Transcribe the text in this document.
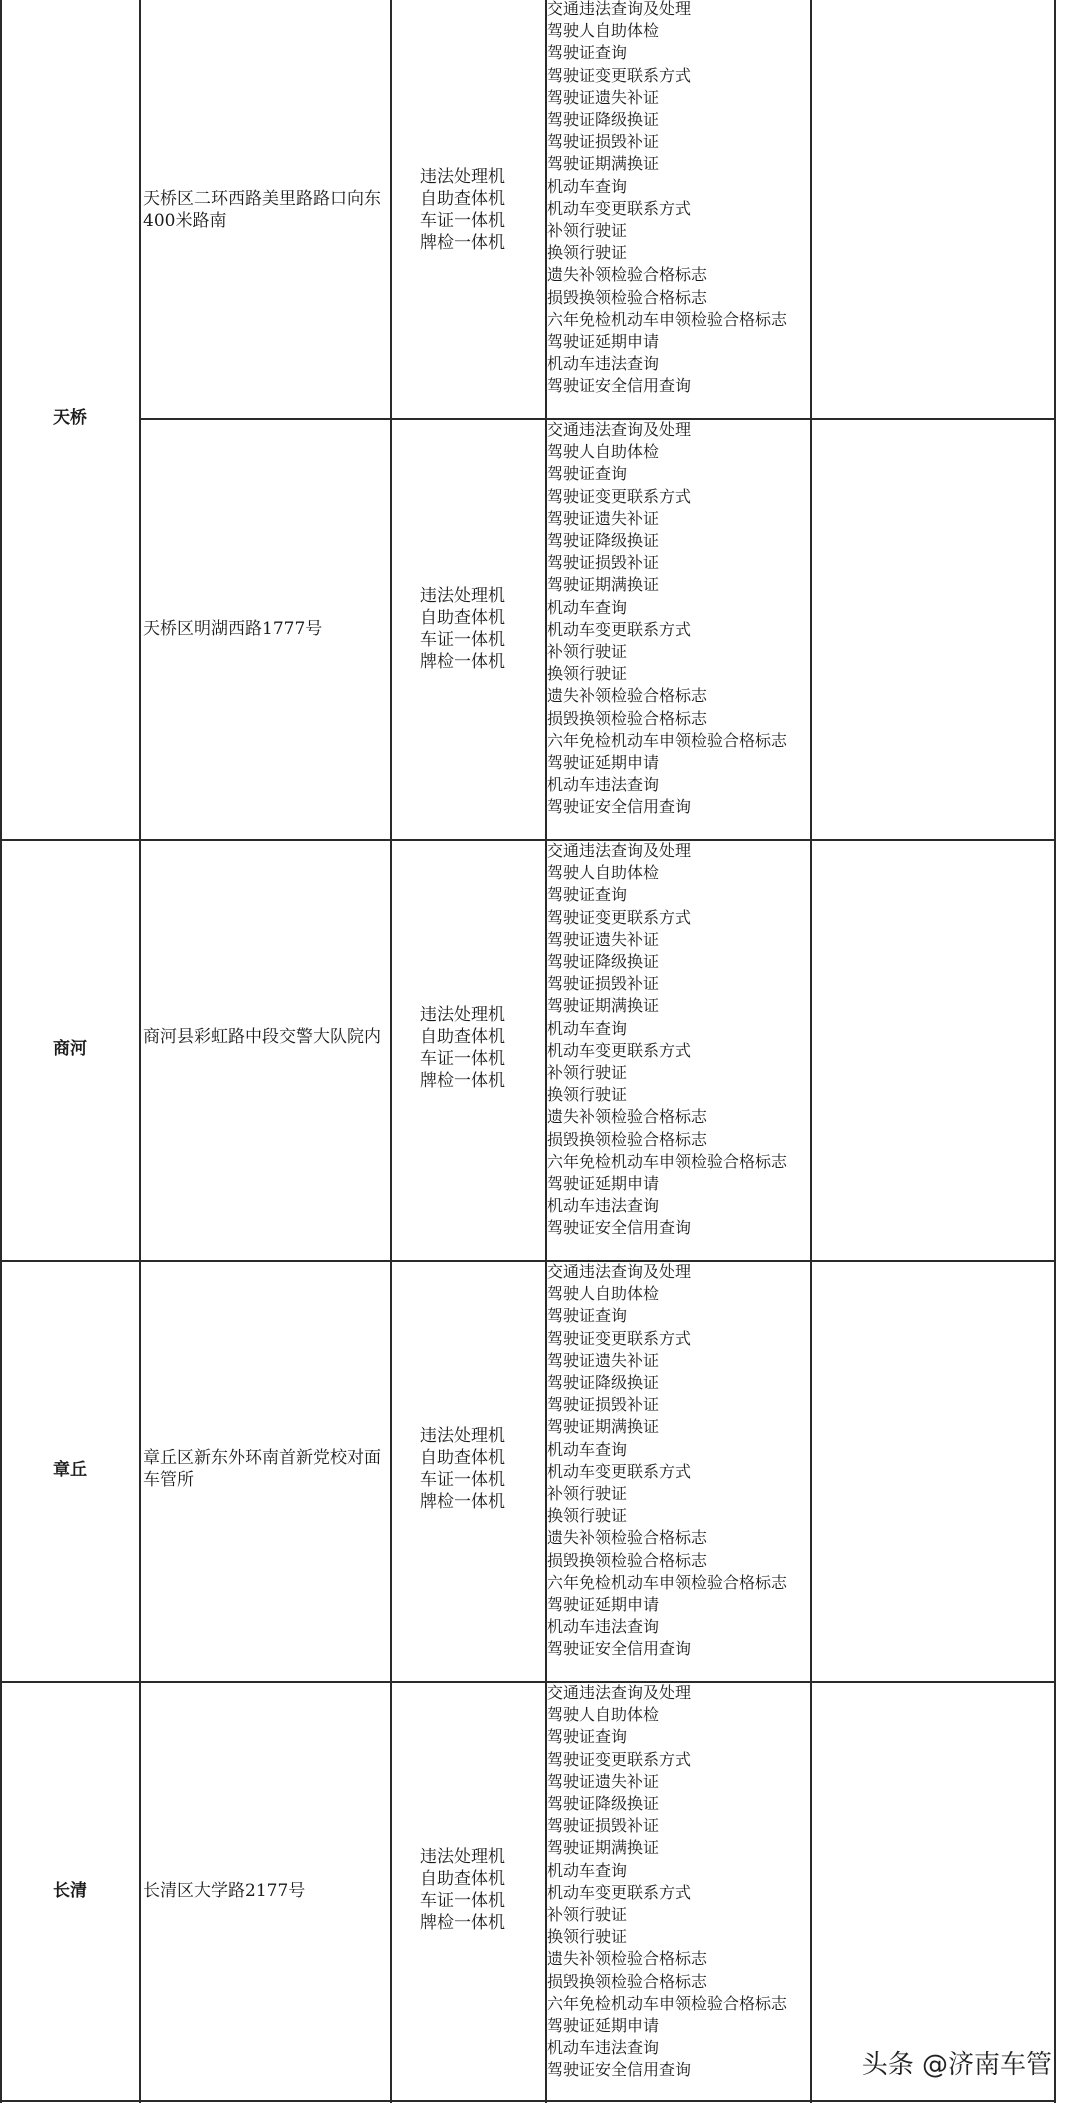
天桥区二环西路美里路路口向东400米路南
违法处理机
自助查体机
车证一体机
牌检一体机
交通违法查询及处理
驾驶人自助体检
驾驶证查询
驾驶证变更联系方式
驾驶证遗失补证
驾驶证降级换证
驾驶证损毁补证
驾驶证期满换证
机动车查询
机动车变更联系方式
补领行驶证
换领行驶证
遗失补领检验合格标志
损毁换领检验合格标志
六年免检机动车申领检验合格标志
驾驶证延期申请
机动车违法查询
驾驶证安全信用查询
天桥
天桥区明湖西路1777号
违法处理机
自助查体机
车证一体机
牌检一体机
交通违法查询及处理
驾驶人自助体检
驾驶证查询
驾驶证变更联系方式
驾驶证遗失补证
驾驶证降级换证
驾驶证损毁补证
驾驶证期满换证
机动车查询
机动车变更联系方式
补领行驶证
换领行驶证
遗失补领检验合格标志
损毁换领检验合格标志
六年免检机动车申领检验合格标志
驾驶证延期申请
机动车违法查询
驾驶证安全信用查询
商河
商河县彩虹路中段交警大队院内
违法处理机
自助查体机
车证一体机
牌检一体机
交通违法查询及处理
驾驶人自助体检
驾驶证查询
驾驶证变更联系方式
驾驶证遗失补证
驾驶证降级换证
驾驶证损毁补证
驾驶证期满换证
机动车查询
机动车变更联系方式
补领行驶证
换领行驶证
遗失补领检验合格标志
损毁换领检验合格标志
六年免检机动车申领检验合格标志
驾驶证延期申请
机动车违法查询
驾驶证安全信用查询
章丘
章丘区新东外环南首新党校对面车管所
违法处理机
自助查体机
车证一体机
牌检一体机
交通违法查询及处理
驾驶人自助体检
驾驶证查询
驾驶证变更联系方式
驾驶证遗失补证
驾驶证降级换证
驾驶证损毁补证
驾驶证期满换证
机动车查询
机动车变更联系方式
补领行驶证
换领行驶证
遗失补领检验合格标志
损毁换领检验合格标志
六年免检机动车申领检验合格标志
驾驶证延期申请
机动车违法查询
驾驶证安全信用查询
长清	长清区大学路2177号
违法处理机
自助查体机
车证一体机
牌检一体机
交通违法查询及处理
驾驶人自助体检
驾驶证查询
驾驶证变更联系方式
驾驶证遗失补证
驾驶证降级换证
驾驶证损毁补证
驾驶证期满换证
机动车查询
机动车变更联系方式
补领行驶证
换领行驶证
遗失补领检验合格标志
损毁换领检验合格标志
六年免检机动车申领检验合格标志
驾驶证延期申请
机动车违法查询
驾驶证安全信用查询	头条 @济南车管
